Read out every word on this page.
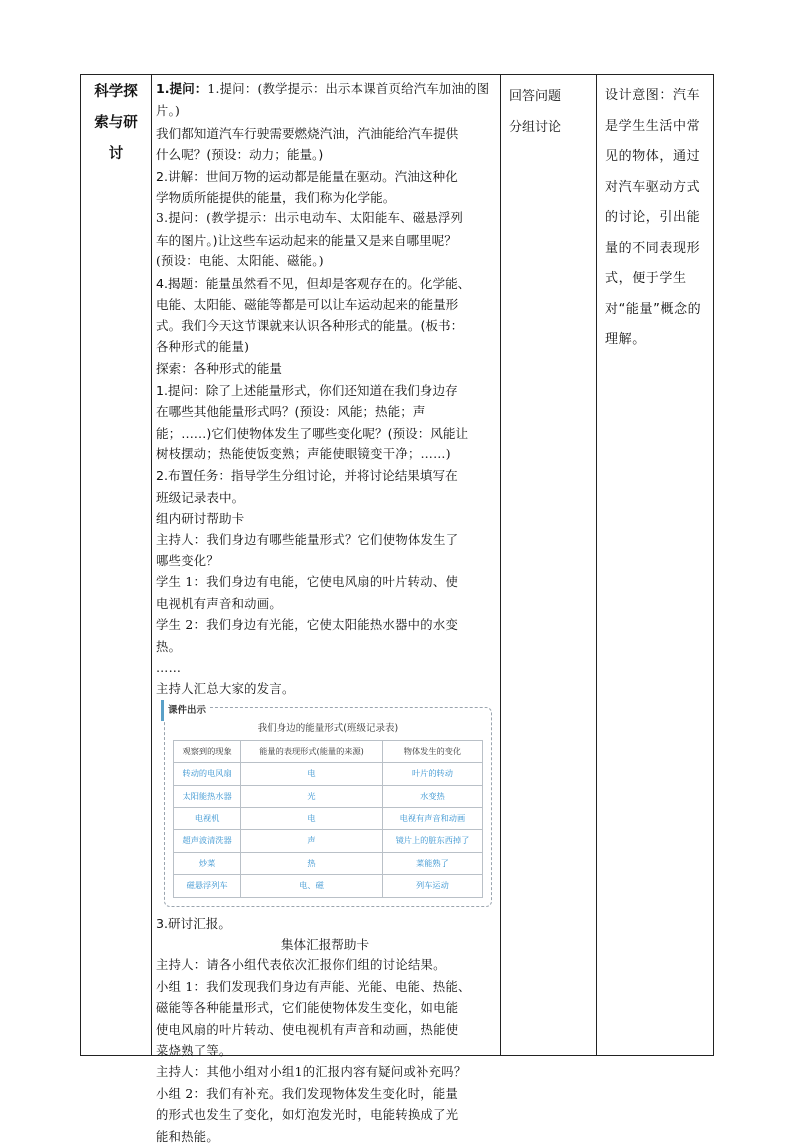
科学探索与研讨

1.提问：1.提问：(教学提示：出示本课首页给汽车加油的图片。)

我们都知道汽车行驶需要燃烧汽油，汽油能给汽车提供

什么呢？(预设：动力；能量。)

2.讲解：世间万物的运动都是能量在驱动。汽油这种化

学物质所能提供的能量，我们称为化学能。

3.提问：(教学提示：出示电动车、太阳能车、磁悬浮列

车的图片。)让这些车运动起来的能量又是来自哪里呢？

(预设：电能、太阳能、磁能。)

4.揭题：能量虽然看不见，但却是客观存在的。化学能、

电能、太阳能、磁能等都是可以让车运动起来的能量形

式。我们今天这节课就来认识各种形式的能量。(板书：

各种形式的能量)

探索：各种形式的能量

1.提问：除了上述能量形式，你们还知道在我们身边存

在哪些其他能量形式吗？(预设：风能；热能；声

能；……)它们使物体发生了哪些变化呢？(预设：风能让

树枝摆动；热能使饭变熟；声能使眼镜变干净；……)

2.布置任务：指导学生分组讨论，并将讨论结果填写在

班级记录表中。

组内研讨帮助卡

主持人：我们身边有哪些能量形式？它们使物体发生了

哪些变化？

学生 1：我们身边有电能，它使电风扇的叶片转动、使

电视机有声音和动画。

学生 2：我们身边有光能，它使太阳能热水器中的水变

热。

……

主持人汇总大家的发言。

课件出示
我们身边的能量形式(班级记录表)
观察到的现象	能量的表现形式(能量的来源)	物体发生的变化
转动的电风扇	电	叶片的转动
太阳能热水器	光	水变热
电视机	电	电视有声音和动画
超声波清洗器	声	镜片上的脏东西掉了
炒菜	热	菜能熟了
磁悬浮列车	电、磁	列车运动

3.研讨汇报。

集体汇报帮助卡

主持人：请各小组代表依次汇报你们组的讨论结果。

小组 1：我们发现我们身边有声能、光能、电能、热能、

磁能等各种能量形式，它们能使物体发生变化，如电能

使电风扇的叶片转动、使电视机有声音和动画，热能使

菜烧熟了等。

主持人：其他小组对小组1的汇报内容有疑问或补充吗？

小组 2：我们有补充。我们发现物体发生变化时，能量

的形式也发生了变化，如灯泡发光时，电能转换成了光

能和热能。

回答问题
分组讨论
设计意图：汽车是学生生活中常见的物体，通过对汽车驱动方式的讨论，引出能量的不同表现形式，便于学生对“能量”概念的理解。
